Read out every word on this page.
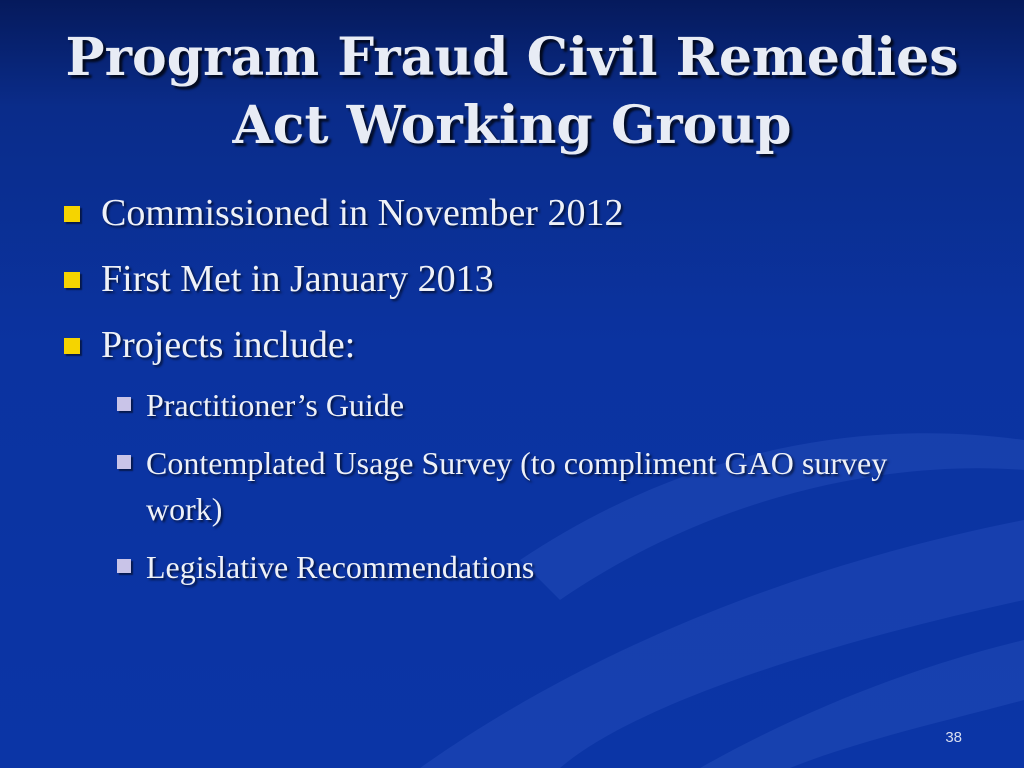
Program Fraud Civil Remedies
Act Working Group
Commissioned in November 2012
First Met in January 2013
Projects include:
Practitioner’s Guide
Contemplated Usage Survey (to compliment GAO survey work)
Legislative Recommendations
38
